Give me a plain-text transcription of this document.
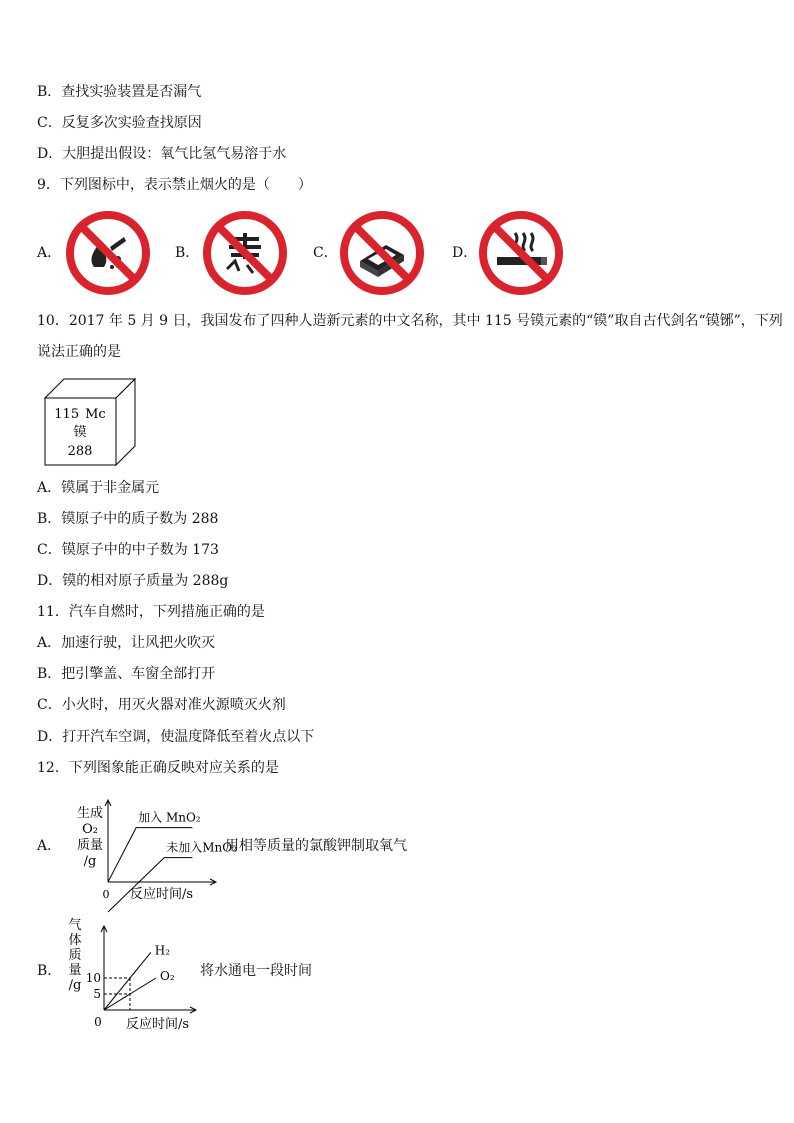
B．查找实验装置是否漏气
C．反复多次实验查找原因
D．大胆提出假设：氧气比氢气易溶于水
9．下列图标中，表示禁止烟火的是（　　）
A．	B．	C．	D．
10．2017 年 5 月 9 日，我国发布了四种人造新元素的中文名称，其中 115 号镆元素的“镆”取自古代剑名“镆铘”，下列
说法正确的是
115 Mc
镆
288
A．镆属于非金属元
B．镆原子中的质子数为 288
C．镆原子中的中子数为 173
D．镆的相对原子质量为 288g
11．汽车自燃时，下列措施正确的是
A．加速行驶，让风把火吹灭
B．把引擎盖、车窗全部打开
C．小火时，用灭火器对准火源喷灭火剂
D．打开汽车空调，使温度降低至着火点以下
12．下列图象能正确反映对应关系的是
A．
生成
O₂
质量
/g
0 反应时间/s
加入 MnO₂
未加入MnO₂
用相等质量的氯酸钾制取氧气
B．
气
体
质
量
/g 10
5
0 反应时间/s
H₂
O₂ 将水通电一段时间
